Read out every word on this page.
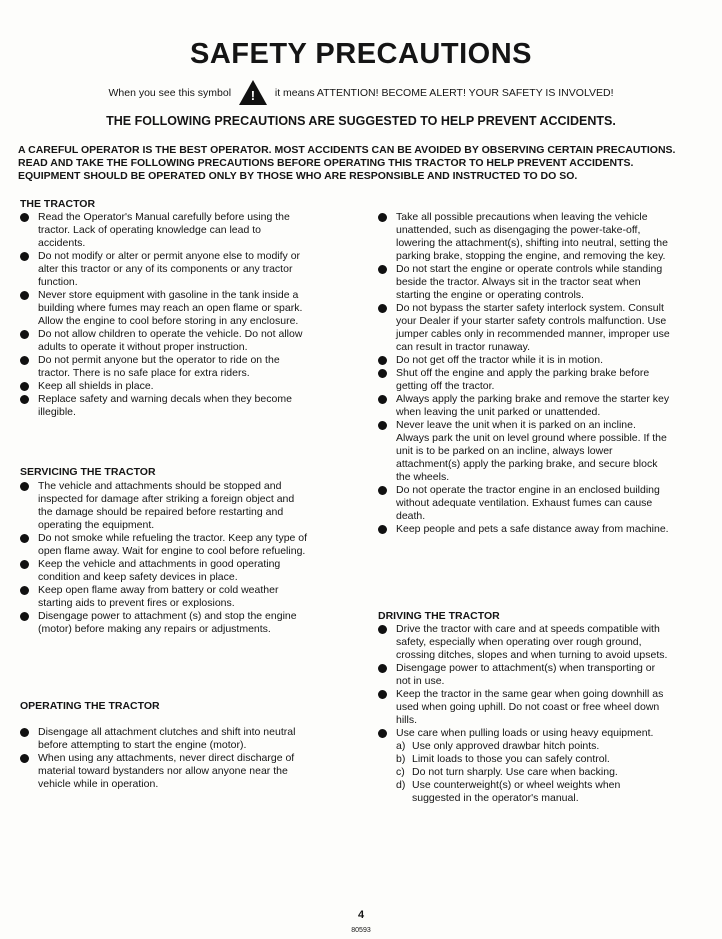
SAFETY PRECAUTIONS
When you see this symbol	!	it means ATTENTION! BECOME ALERT! YOUR SAFETY IS INVOLVED!
THE FOLLOWING PRECAUTIONS ARE SUGGESTED TO HELP PREVENT ACCIDENTS.
A CAREFUL OPERATOR IS THE BEST OPERATOR. MOST ACCIDENTS CAN BE AVOIDED BY OBSERVING CERTAIN PRECAUTIONS. READ AND TAKE THE FOLLOWING PRECAUTIONS BEFORE OPERATING THIS TRACTOR TO HELP PREVENT ACCIDENTS. EQUIPMENT SHOULD BE OPERATED ONLY BY THOSE WHO ARE RESPONSIBLE AND INSTRUCTED TO DO SO.
THE TRACTOR
Read the Operator's Manual carefully before using the tractor. Lack of operating knowledge can lead to accidents.
Do not modify or alter or permit anyone else to modify or alter this tractor or any of its components or any tractor function.
Never store equipment with gasoline in the tank inside a building where fumes may reach an open flame or spark. Allow the engine to cool before storing in any enclosure.
Do not allow children to operate the vehicle. Do not allow adults to operate it without proper instruction.
Do not permit anyone but the operator to ride on the tractor. There is no safe place for extra riders.
Keep all shields in place.
Replace safety and warning decals when they become illegible.
SERVICING THE TRACTOR
The vehicle and attachments should be stopped and inspected for damage after striking a foreign object and the damage should be repaired before restarting and operating the equipment.
Do not smoke while refueling the tractor. Keep any type of open flame away. Wait for engine to cool before refueling.
Keep the vehicle and attachments in good operating condition and keep safety devices in place.
Keep open flame away from battery or cold weather starting aids to prevent fires or explosions.
Disengage power to attachment (s) and stop the engine (motor) before making any repairs or adjustments.
OPERATING THE TRACTOR
Disengage all attachment clutches and shift into neutral before attempting to start the engine (motor).
When using any attachments, never direct discharge of material toward bystanders nor allow anyone near the vehicle while in operation.
Take all possible precautions when leaving the vehicle unattended, such as disengaging the power-take-off, lowering the attachment(s), shifting into neutral, setting the parking brake, stopping the engine, and removing the key.
Do not start the engine or operate controls while standing beside the tractor. Always sit in the tractor seat when starting the engine or operating controls.
Do not bypass the starter safety interlock system. Consult your Dealer if your starter safety controls malfunction. Use jumper cables only in recommended manner, improper use can result in tractor runaway.
Do not get off the tractor while it is in motion.
Shut off the engine and apply the parking brake before getting off the tractor.
Always apply the parking brake and remove the starter key when leaving the unit parked or unattended.
Never leave the unit when it is parked on an incline. Always park the unit on level ground where possible. If the unit is to be parked on an incline, always lower attachment(s) apply the parking brake, and secure block the wheels.
Do not operate the tractor engine in an enclosed building without adequate ventilation. Exhaust fumes can cause death.
Keep people and pets a safe distance away from machine.
DRIVING THE TRACTOR
Drive the tractor with care and at speeds compatible with safety, especially when operating over rough ground, crossing ditches, slopes and when turning to avoid upsets.
Disengage power to attachment(s) when transporting or not in use.
Keep the tractor in the same gear when going downhill as used when going uphill. Do not coast or free wheel down hills.
Use care when pulling loads or using heavy equipment.
a) Use only approved drawbar hitch points.
b) Limit loads to those you can safely control.
c) Do not turn sharply. Use care when backing.
d) Use counterweight(s) or wheel weights when suggested in the operator's manual.
4
80593
